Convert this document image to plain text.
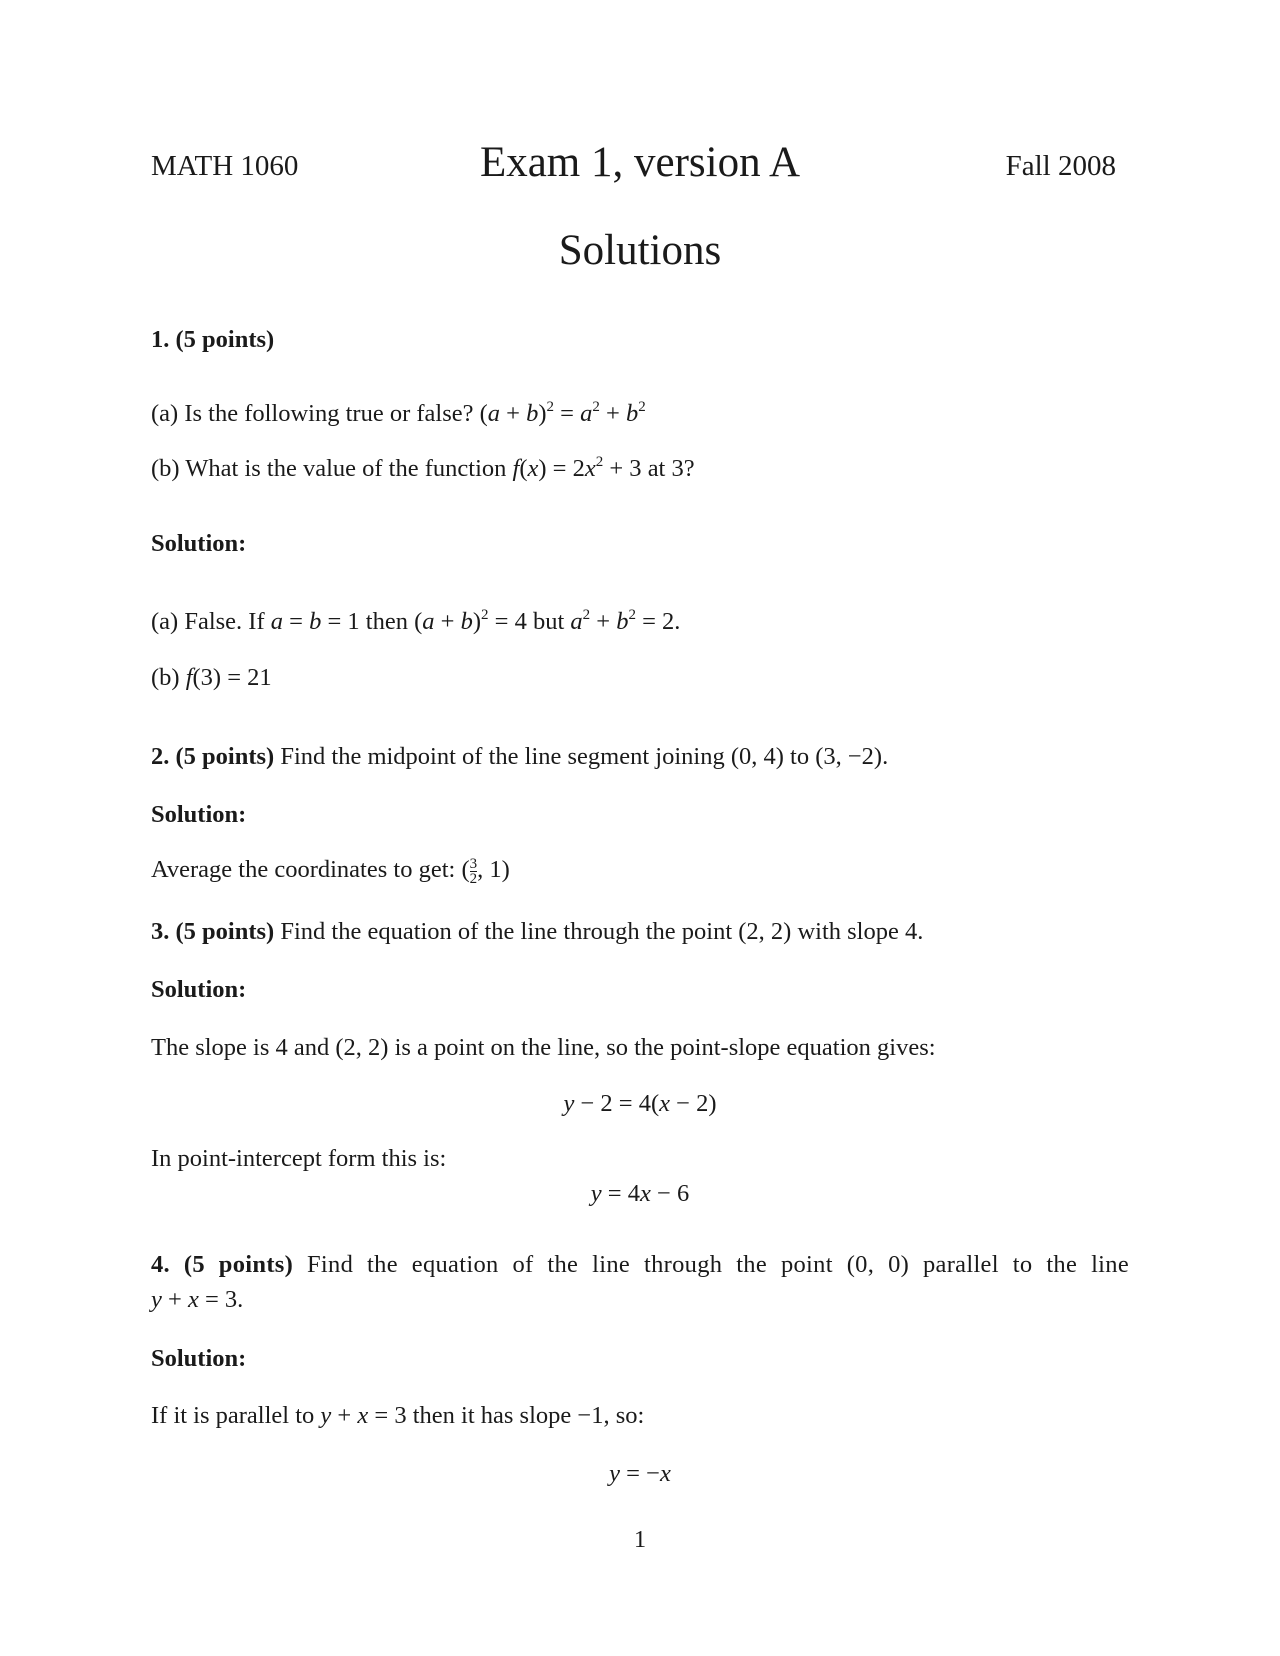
MATH 1060	Exam 1, version A	Fall 2008
Solutions
1. (5 points)
(a) Is the following true or false? $(a + b)^2 = a^2 + b^2$
(b) What is the value of the function $f(x) = 2x^2 + 3$ at 3?
Solution:
(a) False. If a = b = 1 then $(a + b)^2 = 4$ but $a^2 + b^2 = 2$.
(b) f(3) = 21
2. (5 points) Find the midpoint of the line segment joining (0, 4) to (3, −2).
Solution:
Average the coordinates to get: ( $\frac{3}{2}$ , 1)
3. (5 points) Find the equation of the line through the point (2, 2) with slope 4.
Solution:
The slope is 4 and (2, 2) is a point on the line, so the point-slope equation gives:
y − 2 = 4(x − 2)
In point-intercept form this is:
y = 4x − 6
4. (5 points) Find the equation of the line through the point (0, 0) parallel to the line
y + x = 3.
Solution:
If it is parallel to y + x = 3 then it has slope −1, so:
y = −x
1
